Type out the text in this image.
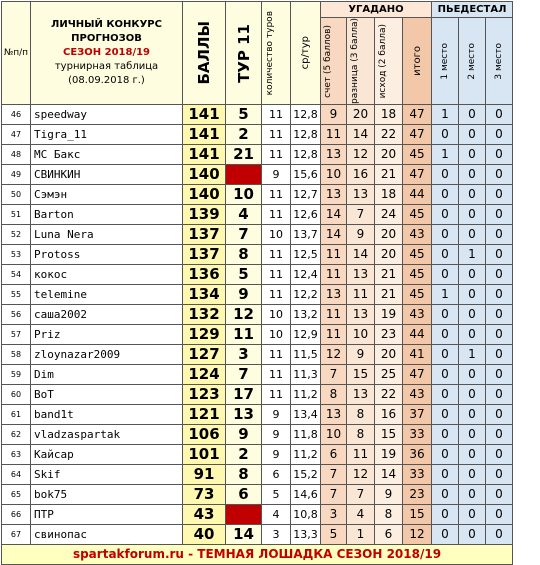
№п/п	ЛИЧНЫЙ КОНКУРС
ПРОГНОЗОВ
СЕЗОН 2018/19
турнирная таблица
(08.09.2018 г.)	БАЛЛЫ	ТУР 11	количество туров	ср/тур	УГАДАНО				ПЬЕДЕСТАЛ		

						счет (5 баллов)	разница (3 балла)	исход (2 балла)	итого	1 место	2 место	3 место

46	speedway	141	5	11	12,8	9	20	18	47	1	0	0
47	Tigra_11	141	2	11	12,8	11	14	22	47	0	0	0
48	МС Бакс	141	21	11	12,8	13	12	20	45	1	0	0
49	СВИНКИН	140		9	15,6	10	16	21	47	0	0	0
50	Сэмэн	140	10	11	12,7	13	13	18	44	0	0	0
51	Barton	139	4	11	12,6	14	7	24	45	0	0	0
52	Luna Nera	137	7	10	13,7	14	9	20	43	0	0	0
53	Protoss	137	8	11	12,5	11	14	20	45	0	1	0
54	кокос	136	5	11	12,4	11	13	21	45	0	0	0
55	telemine	134	9	11	12,2	13	11	21	45	1	0	0
56	саша2002	132	12	10	13,2	11	13	19	43	0	0	0
57	Priz	129	11	10	12,9	11	10	23	44	0	0	0
58	zloynazar2009	127	3	11	11,5	12	9	20	41	0	1	0
59	Dim	124	7	11	11,3	7	15	25	47	0	0	0
60	BoT	123	17	11	11,2	8	13	22	43	0	0	0
61	band1t	121	13	9	13,4	13	8	16	37	0	0	0
62	vladzaspartak	106	9	9	11,8	10	8	15	33	0	0	0
63	Кайсар	101	2	9	11,2	6	11	19	36	0	0	0
64	Skif	91	8	6	15,2	7	12	14	33	0	0	0
65	bok75	73	6	5	14,6	7	7	9	23	0	0	0
66	ПТР	43		4	10,8	3	4	8	15	0	0	0
67	свинопас	40	14	3	13,3	5	1	6	12	0	0	0
spartakforum.ru - ТЕМНАЯ ЛОШАДКА СЕЗОН 2018/19												
